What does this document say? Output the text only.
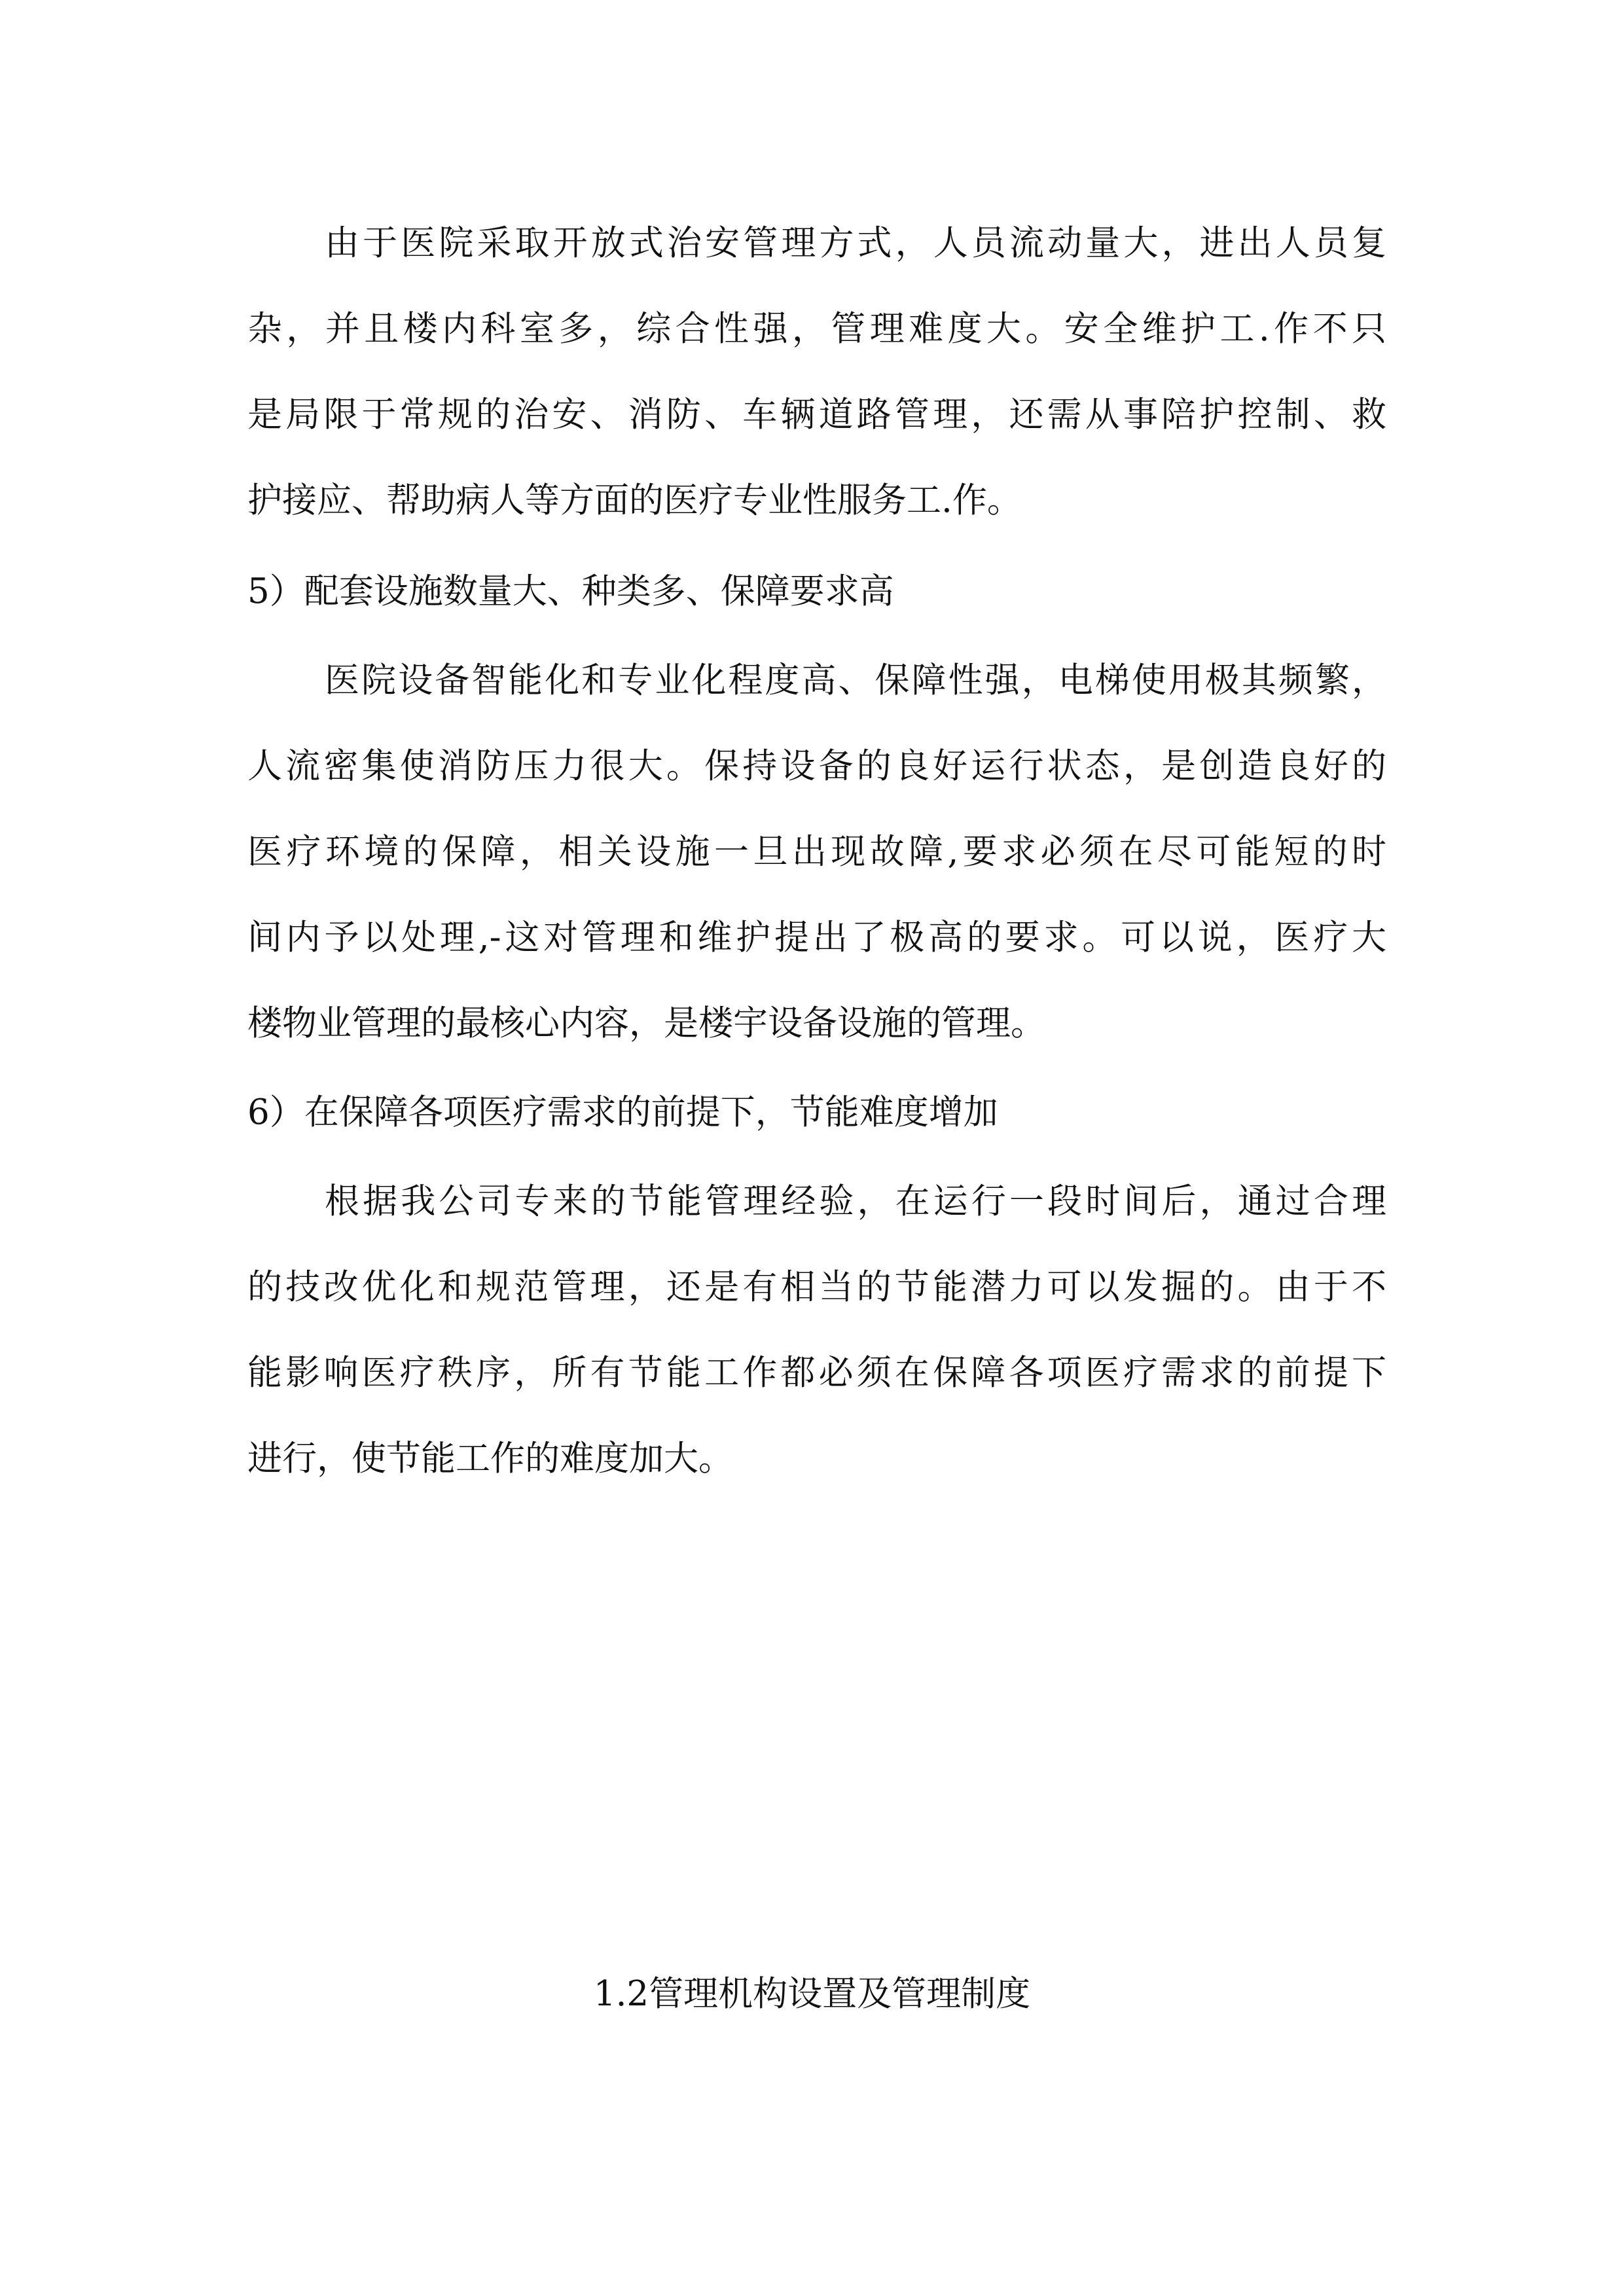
由于医院采取开放式治安管理方式，人员流动量大，进出人员复

杂，并且楼内科室多，综合性强，管理难度大。安全维护工.作不只

是局限于常规的治安、消防、车辆道路管理，还需从事陪护控制、救

护接应、帮助病人等方面的医疗专业性服务工.作。

5）配套设施数量大、种类多、保障要求高

医院设备智能化和专业化程度高、保障性强，电梯使用极其频繁，

人流密集使消防压力很大。保持设备的良好运行状态，是创造良好的

医疗环境的保障，相关设施一旦出现故障,要求必须在尽可能短的时

间内予以处理,-这对管理和维护提出了极高的要求。可以说，医疗大

楼物业管理的最核心内容，是楼宇设备设施的管理。

6）在保障各项医疗需求的前提下，节能难度增加

根据我公司专来的节能管理经验，在运行一段时间后，通过合理

的技改优化和规范管理，还是有相当的节能潜力可以发掘的。由于不

能影响医疗秩序，所有节能工作都必须在保障各项医疗需求的前提下

进行，使节能工作的难度加大。

1.2管理机构设置及管理制度
